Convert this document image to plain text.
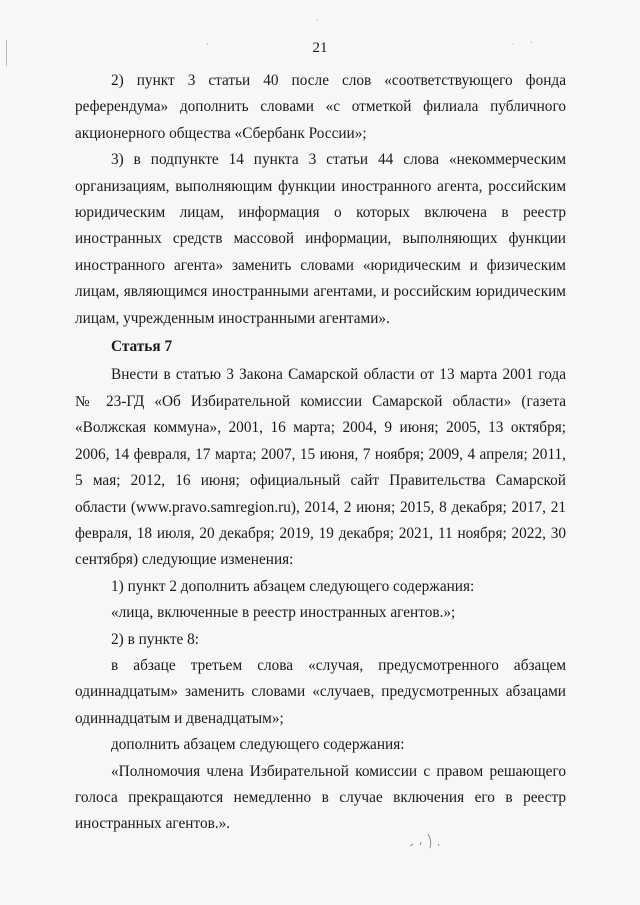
·
·	· ·
21

2) пункт 3 статьи 40 после слов «соответствующего фонда референдума» дополнить словами «с отметкой филиала публичного акционерного общества «Сбербанк России»;

3) в подпункте 14 пункта 3 статьи 44 слова «некоммерческим организациям, выполняющим функции иностранного агента, российским юридическим лицам, информация о которых включена в реестр иностранных средств массовой информации, выполняющих функции иностранного агента» заменить словами «юридическим и физическим лицам, являющимся иностранными агентами, и российским юридическим лицам, учрежденным иностранными агентами».

Статья 7

Внести в статью 3 Закона Самарской области от 13 марта 2001 года № 23-ГД «Об Избирательной комиссии Самарской области» (газета «Волжская коммуна», 2001, 16 марта; 2004, 9 июня; 2005, 13 октября; 2006, 14 февраля, 17 марта; 2007, 15 июня, 7 ноября; 2009, 4 апреля; 2011, 5 мая; 2012, 16 июня; официальный сайт Правительства Самарской области (www.pravo.samregion.ru), 2014, 2 июня; 2015, 8 декабря; 2017, 21 февраля, 18 июля, 20 декабря; 2019, 19 декабря; 2021, 11 ноября; 2022, 30 сентября) следующие изменения:

1) пункт 2 дополнить абзацем следующего содержания:

«лица, включенные в реестр иностранных агентов.»;

2) в пункте 8:

в абзаце третьем слова «случая, предусмотренного абзацем одиннадцатым» заменить словами «случаев, предусмотренных абзацами одиннадцатым и двенадцатым»;

дополнить абзацем следующего содержания:

«Полномочия члена Избирательной комиссии с правом решающего голоса прекращаются немедленно в случае включения его в реестр иностранных агентов.».
